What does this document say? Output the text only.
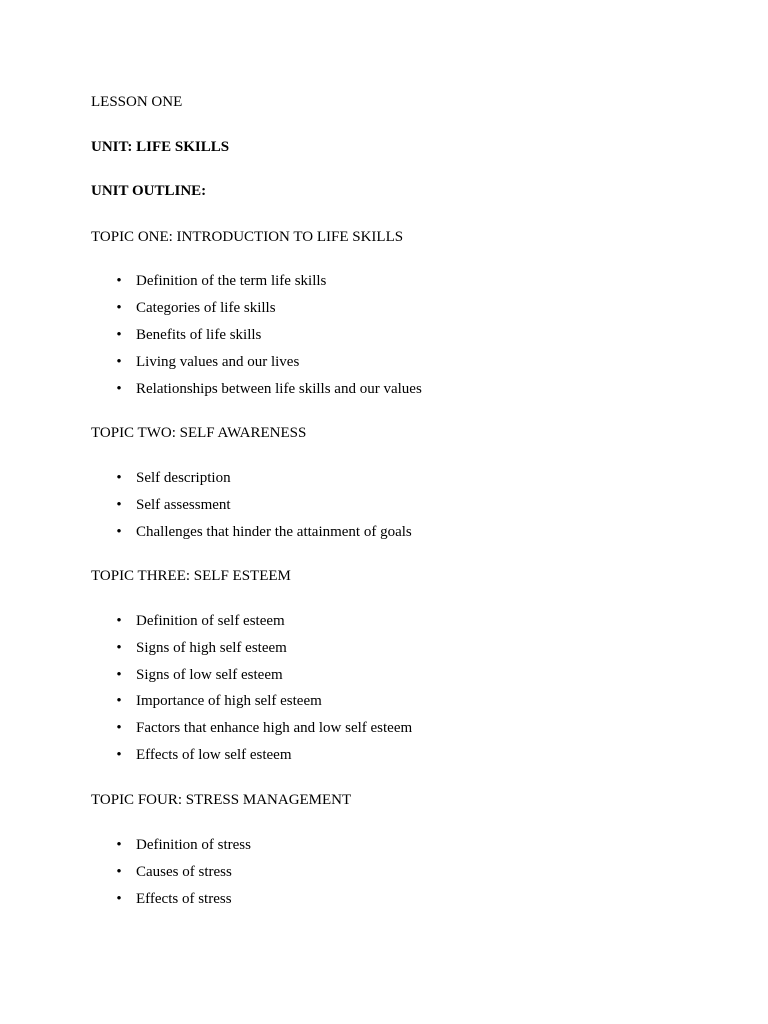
LESSON ONE
UNIT: LIFE SKILLS
UNIT OUTLINE:
TOPIC ONE: INTRODUCTION TO LIFE SKILLS
• Definition of the term life skills
• Categories of life skills
• Benefits of life skills
• Living values and our lives
• Relationships between life skills and our values
TOPIC TWO: SELF AWARENESS
• Self description
• Self assessment
• Challenges that hinder the attainment of goals
TOPIC THREE: SELF ESTEEM
• Definition of self esteem
• Signs of high self esteem
• Signs of low self esteem
• Importance of high self esteem
• Factors that enhance high and low self esteem
• Effects of low self esteem
TOPIC FOUR: STRESS MANAGEMENT
• Definition of stress
• Causes of stress
• Effects of stress
